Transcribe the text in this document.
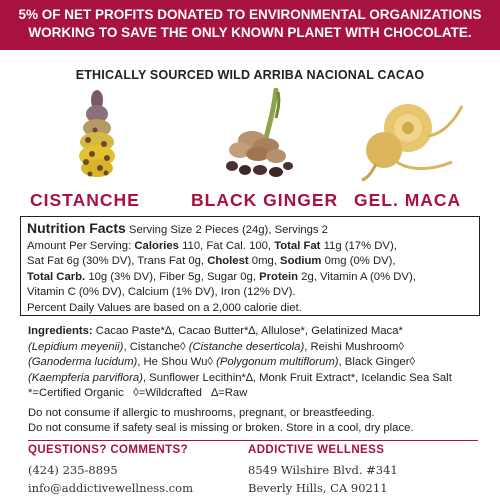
5% OF NET PROFITS DONATED TO ENVIRONMENTAL ORGANIZATIONS
WORKING TO SAVE THE ONLY KNOWN PLANET WITH CHOCOLATE.
ETHICALLY SOURCED WILD ARRIBA NACIONAL CACAO
CISTANCHE	BLACK GINGER GEL. MACA
Nutrition Facts Serving Size 2 Pieces (24g), Servings 2
Amount Per Serving: Calories 110, Fat Cal. 100, Total Fat 11g (17% DV),
Sat Fat 6g (30% DV), Trans Fat 0g, Cholest 0mg, Sodium 0mg (0% DV),
Total Carb. 10g (3% DV), Fiber 5g, Sugar 0g, Protein 2g, Vitamin A (0% DV),
Vitamin C (0% DV), Calcium (1% DV), Iron (12% DV).
Percent Daily Values are based on a 2,000 calorie diet.
Ingredients: Cacao Paste*∆, Cacao Butter*∆, Allulose*, Gelatinized Maca*
(Lepidium meyenii), Cistanche◊ (Cistanche deserticola), Reishi Mushroom◊
(Ganoderma lucidum), He Shou Wu◊ (Polygonum multiflorum), Black Ginger◊
(Kaempferia parviflora), Sunflower Lecithin*∆, Monk Fruit Extract*, Icelandic Sea Salt
*=Certified Organic   ◊=Wildcrafted   ∆=Raw
Do not consume if allergic to mushrooms, pregnant, or breastfeeding.
Do not consume if safety seal is missing or broken. Store in a cool, dry place.
QUESTIONS? COMMENTS?
(424) 235-8895
info@addictivewellness.com
ADDICTIVE WELLNESS
8549 Wilshire Blvd. #341
Beverly Hills, CA 90211
